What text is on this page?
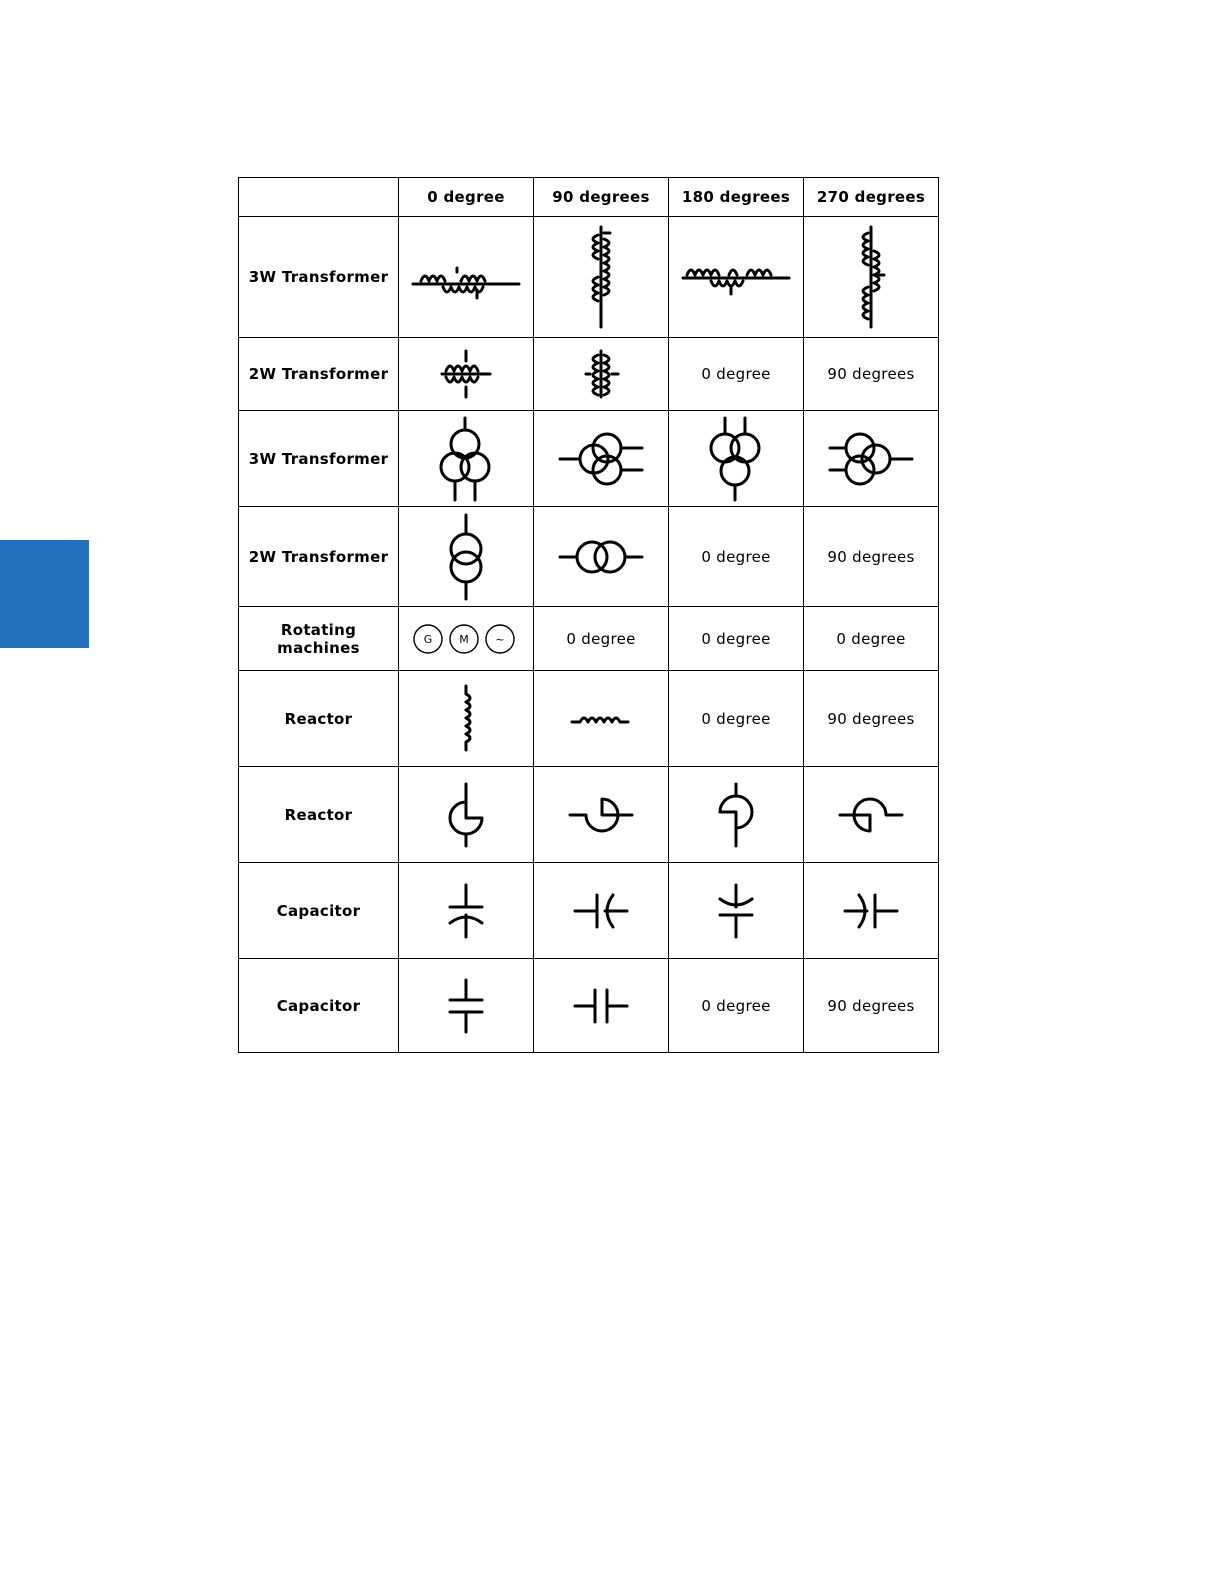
	0 degree	90 degrees	180 degrees	270 degrees
3W Transformer	

2W Transformer			0 degree	90 degrees
3W Transformer	

2W Transformer			0 degree	90 degrees
Rotating machines	G M ~	0 degree	0 degree	0 degree
Reactor			0 degree	90 degrees
Reactor	

Capacitor	

Capacitor			0 degree	90 degrees
